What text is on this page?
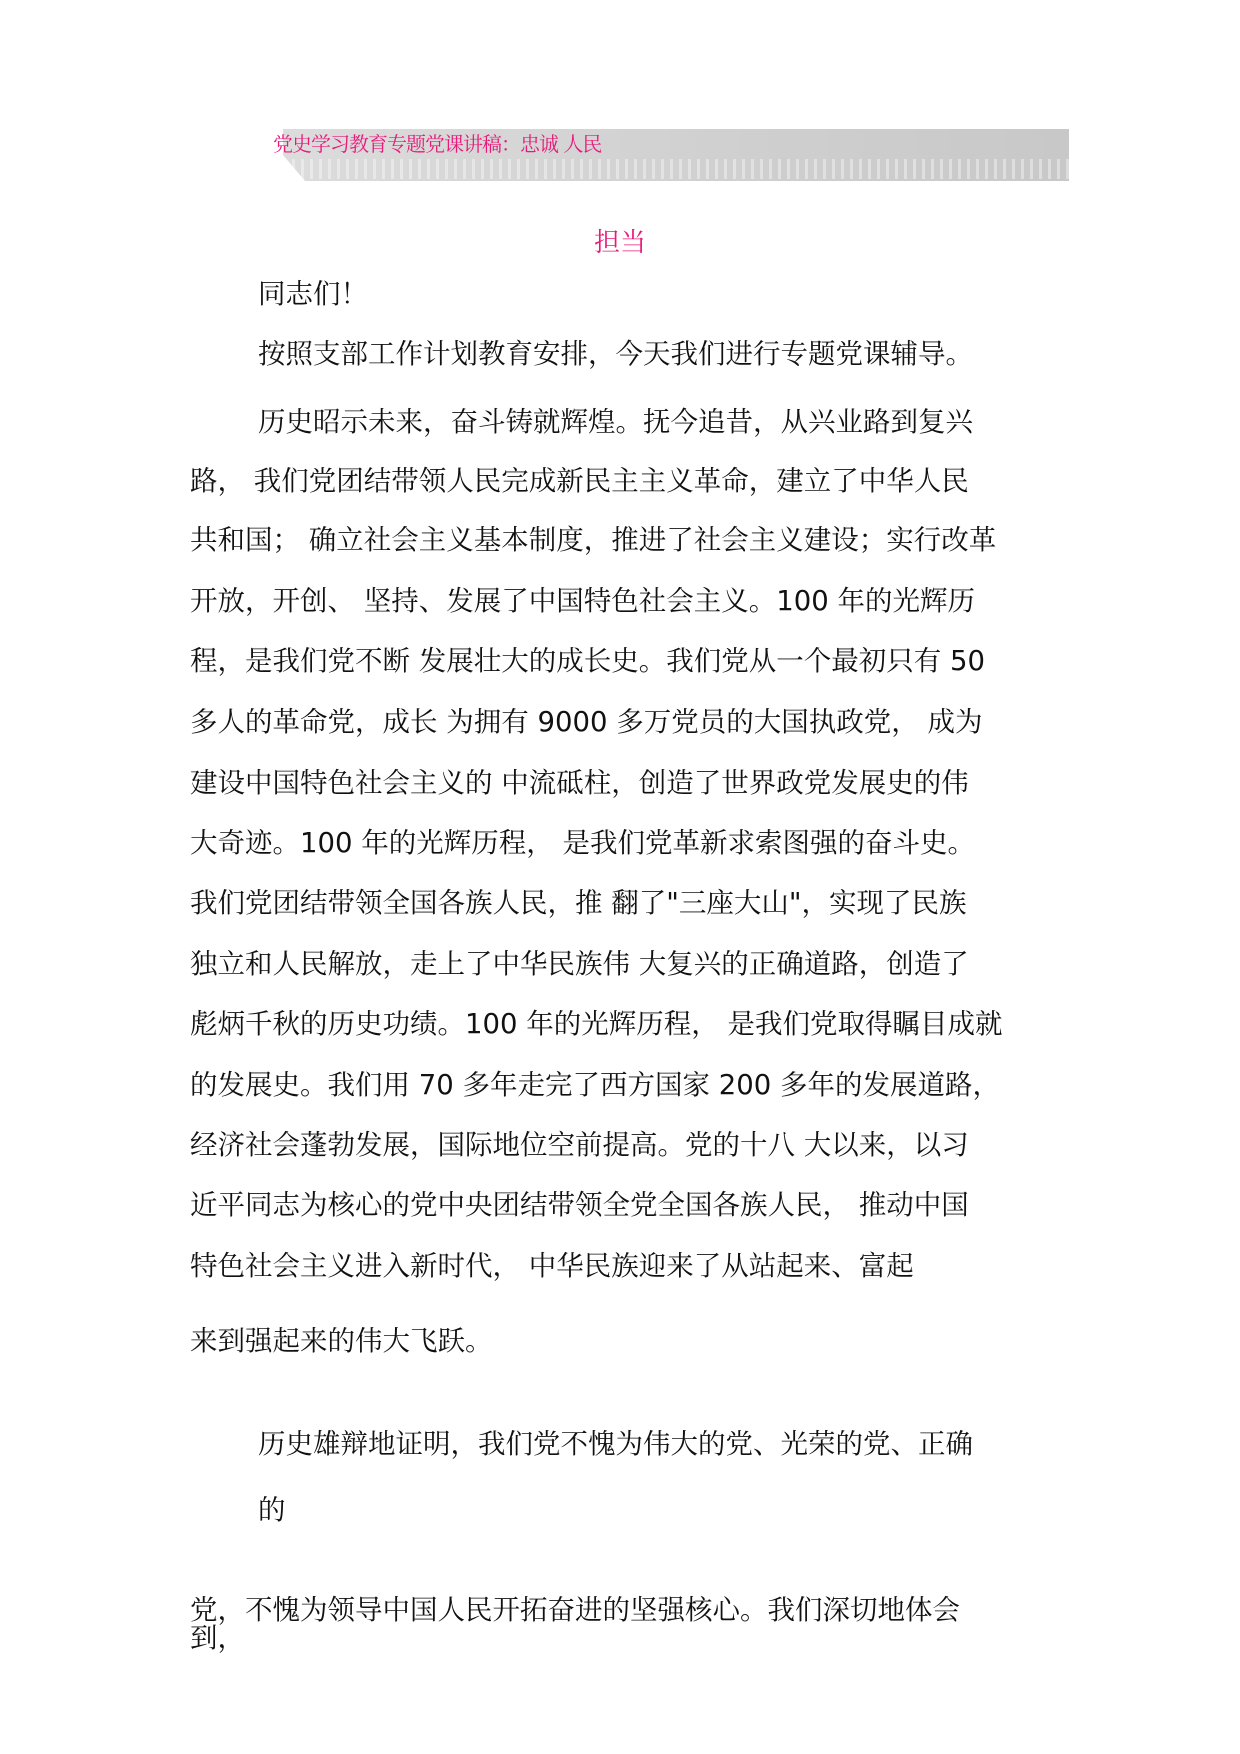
党史学习教育专题党课讲稿：忠诚 人民
担当
同志们！
按照支部工作计划教育安排，今天我们进行专题党课辅导。
历史昭示未来，奋斗铸就辉煌。抚今追昔，从兴业路到复兴
路， 我们党团结带领人民完成新民主主义革命，建立了中华人民
共和国； 确立社会主义基本制度，推进了社会主义建设；实行改革
开放，开创、 坚持、发展了中国特色社会主义。100 年的光辉历
程，是我们党不断 发展壮大的成长史。我们党从一个最初只有 50
多人的革命党，成长 为拥有 9000 多万党员的大国执政党， 成为
建设中国特色社会主义的 中流砥柱，创造了世界政党发展史的伟
大奇迹。100 年的光辉历程， 是我们党革新求索图强的奋斗史。
我们党团结带领全国各族人民，推 翻了"三座大山"，实现了民族
独立和人民解放，走上了中华民族伟 大复兴的正确道路，创造了
彪炳千秋的历史功绩。100 年的光辉历程， 是我们党取得瞩目成就
的发展史。我们用 70 多年走完了西方国家 200 多年的发展道路，
经济社会蓬勃发展，国际地位空前提高。党的十八 大以来，以习
近平同志为核心的党中央团结带领全党全国各族人民， 推动中国
特色社会主义进入新时代， 中华民族迎来了从站起来、富起
来到强起来的伟大飞跃。
历史雄辩地证明，我们党不愧为伟大的党、光荣的党、正确
的
党，不愧为领导中国人民开拓奋进的坚强核心。我们深切地体会
到，
